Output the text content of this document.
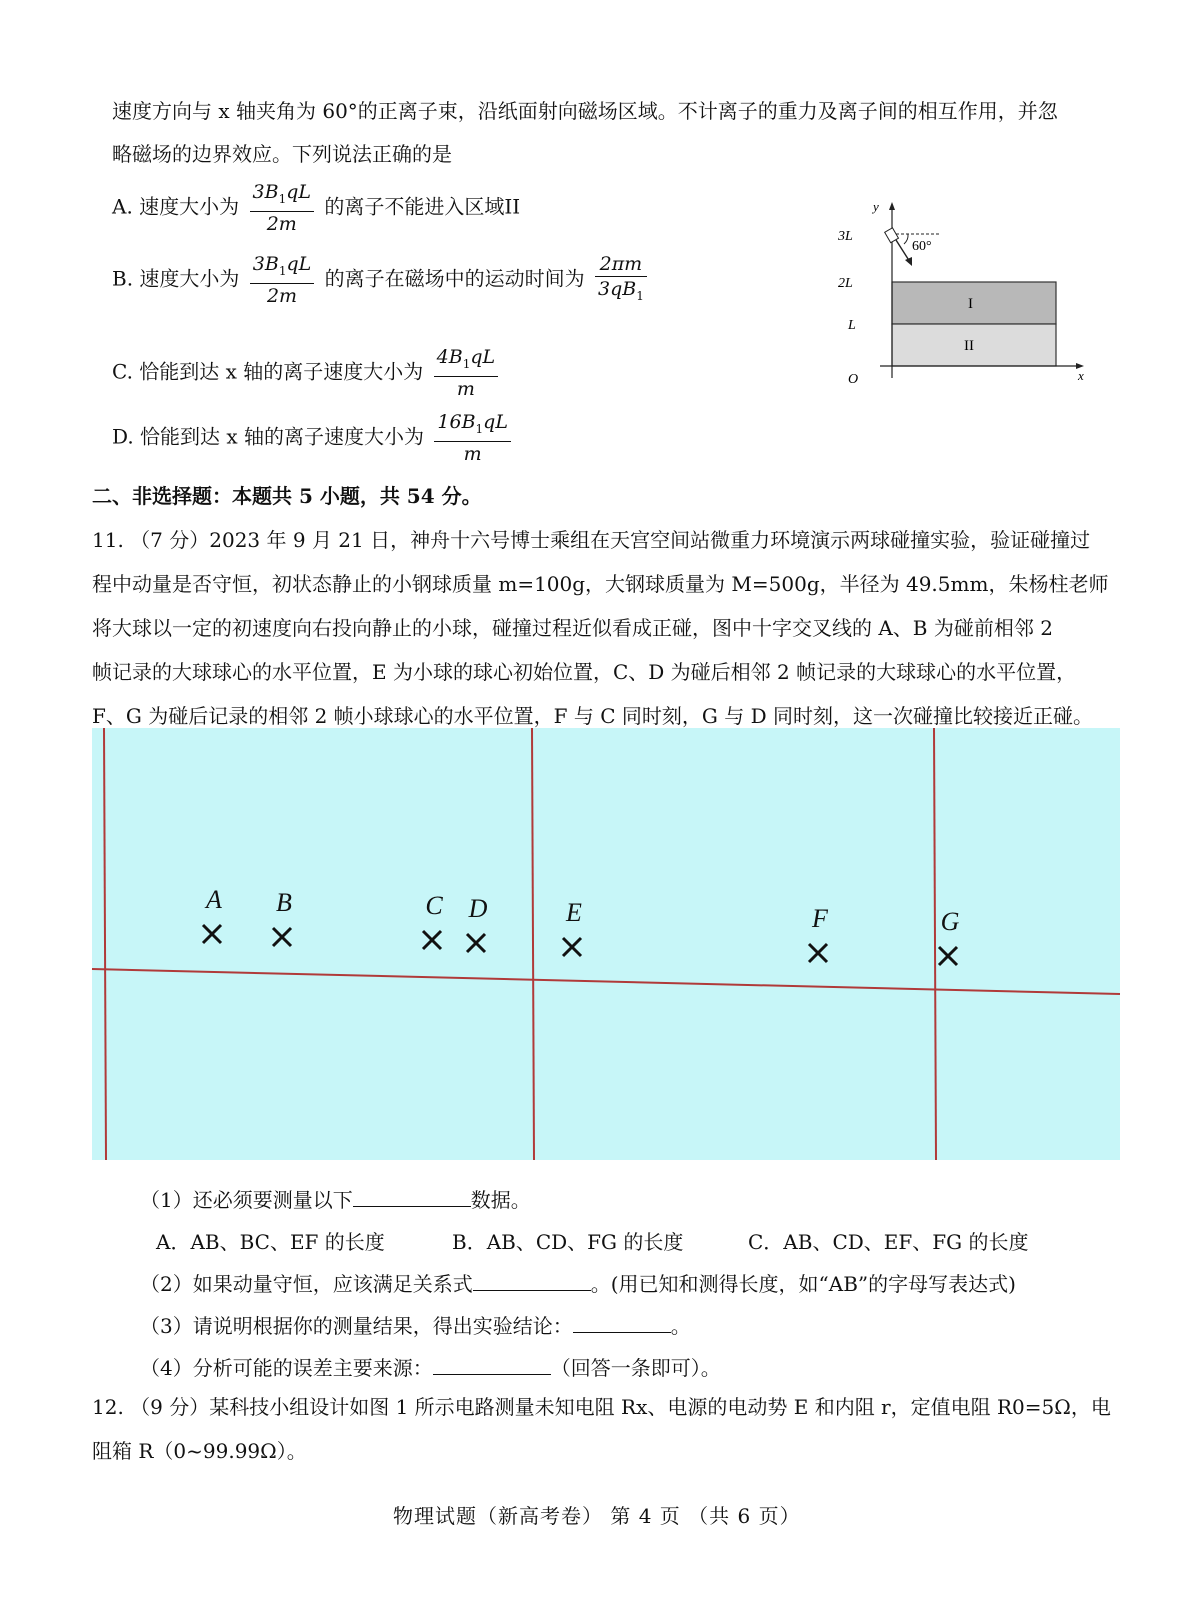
速度方向与 x 轴夹角为 60°的正离子束，沿纸面射向磁场区域。不计离子的重力及离子间的相互作用，并忽
略磁场的边界效应。下列说法正确的是
A. 速度大小为 $\frac{3B_1qL}{2m}$ 的离子不能进入区域II
B. 速度大小为 $\frac{3B_1qL}{2m}$ 的离子在磁场中的运动时间为 $\frac{2\pi m}{3qB_1}$
C. 恰能到达 x 轴的离子速度大小为 $\frac{4B_1qL}{m}$
D. 恰能到达 x 轴的离子速度大小为 $\frac{16B_1qL}{m}$
y
x
O
3L
2L
L
60°
I
II
二、非选择题：本题共 5 小题，共 54 分。
11. （7 分）2023 年 9 月 21 日，神舟十六号博士乘组在天宫空间站微重力环境演示两球碰撞实验，验证碰撞过
程中动量是否守恒，初状态静止的小钢球质量 m=100g，大钢球质量为 M=500g，半径为 49.5mm，朱杨柱老师
将大球以一定的初速度向右投向静止的小球，碰撞过程近似看成正碰，图中十字交叉线的 A、B 为碰前相邻 2
帧记录的大球球心的水平位置，E 为小球的球心初始位置，C、D 为碰后相邻 2 帧记录的大球球心的水平位置，
F、G 为碰后记录的相邻 2 帧小球球心的水平位置，F 与 C 同时刻，G 与 D 同时刻，这一次碰撞比较接近正碰。
A B	C D	E	F	G
（1）还必须要测量以下	数据。
A．AB、BC、EF 的长度	B．AB、CD、FG 的长度	C．AB、CD、EF、FG 的长度
（2）如果动量守恒，应该满足关系式	。(用已知和测得长度，如“AB”的字母写表达式)
（3）请说明根据你的测量结果，得出实验结论：	。
（4）分析可能的误差主要来源：	（回答一条即可）。
12. （9 分）某科技小组设计如图 1 所示电路测量未知电阻 Rx、电源的电动势 E 和内阻 r，定值电阻 R0=5Ω，电
阻箱 R（0~99.99Ω）。
物理试题（新高考卷） 第 4 页 （共 6 页）
